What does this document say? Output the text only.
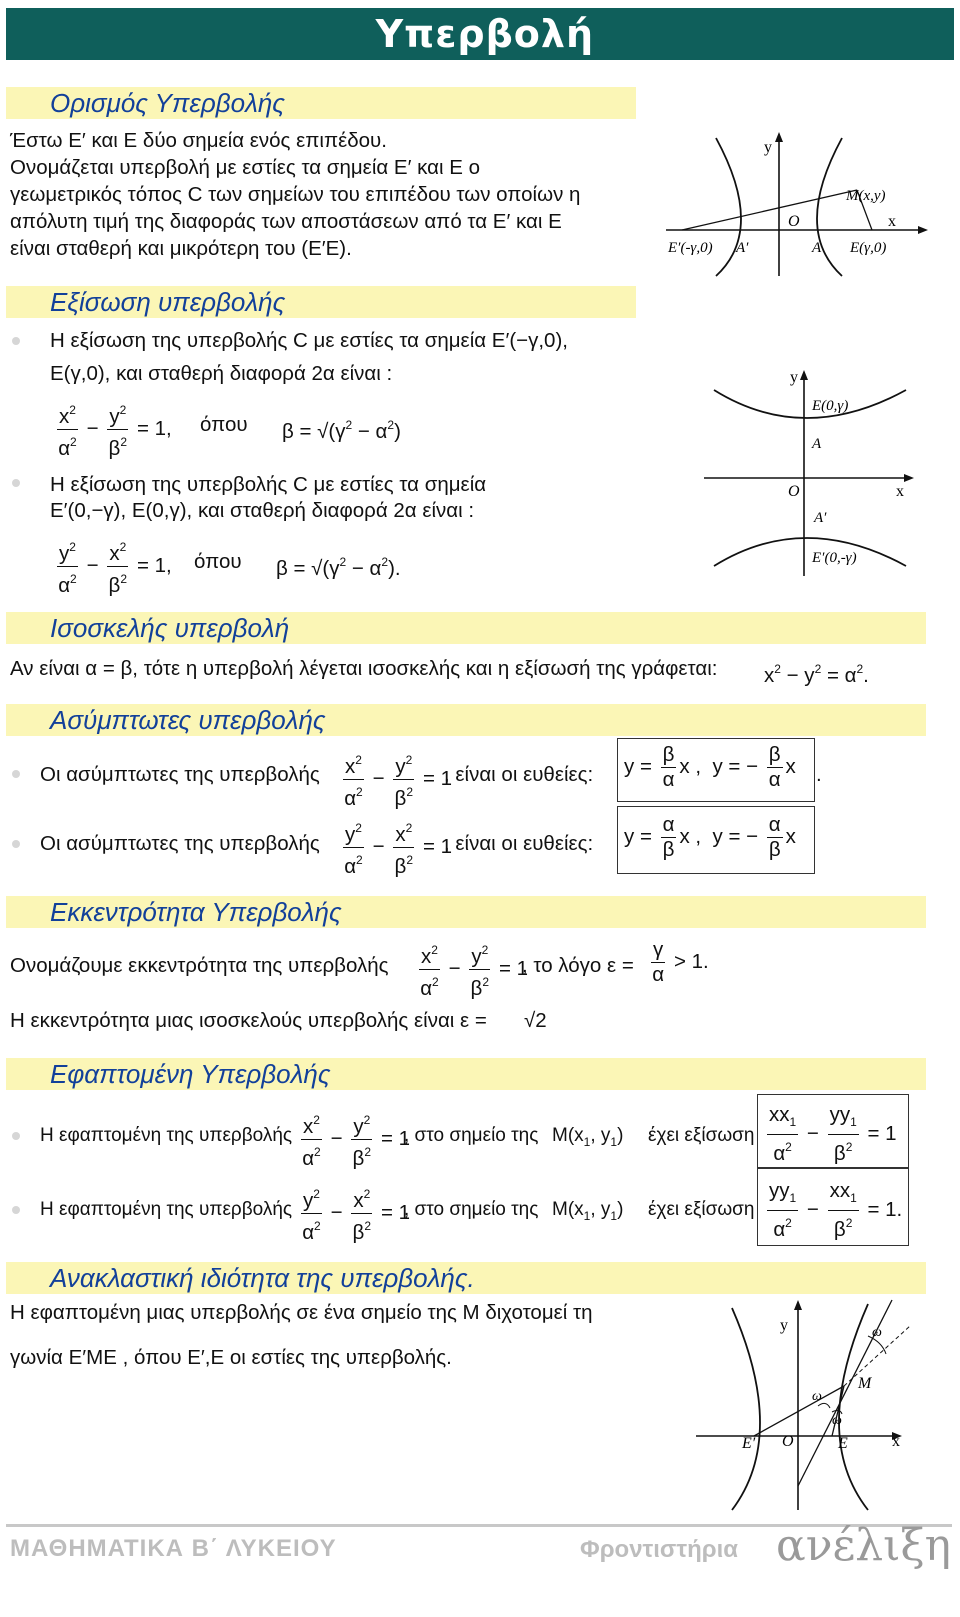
Υπερβολή
Ορισμός Υπερβολής
Έστω Ε′ και Ε δύο σημεία ενός επιπέδου.
Ονομάζεται υπερβολή με εστίες τα σημεία Ε′ και Ε ο
γεωμετρικός τόπος C των σημείων του επιπέδου των οποίων η
απόλυτη τιμή της διαφοράς των αποστάσεων από τα Ε′ και Ε
είναι σταθερή και μικρότερη του (Ε′Ε).
y
x
O
A
A′
M(x,y)
E′(-γ,0)	E(γ,0)
Εξίσωση υπερβολής
Η εξίσωση της υπερβολής C με εστίες τα σημεία Ε′(−γ,0),
Ε(γ,0), και σταθερή διαφορά 2α είναι :
$\frac{x^2}{\alpha^2} - \frac{y^2}{\beta^2} = 1$, όπου $\beta = √(\gamma^2 - \alpha^2)$
Η εξίσωση της υπερβολής C με εστίες τα σημεία
Ε′(0,−γ), Ε(0,γ), και σταθερή διαφορά 2α είναι :
$\frac{y^2}{\alpha^2} - \frac{x^2}{\beta^2} = 1$, όπου $\beta = √(\gamma^2 - \alpha^2)$.
y
x
O
A
A′
E(0,γ)
E′(0,-γ)
Ισοσκελής υπερβολή
Αν είναι α = β, τότε η υπερβολή λέγεται ισοσκελής και η εξίσωσή της γράφεται: $x^2 - y^2 = \alpha^2$.
Ασύμπτωτες υπερβολής
Οι ασύμπτωτες της υπερβολής $\frac{x^2}{\alpha^2} - \frac{y^2}{\beta^2} = 1$
, είναι οι ευθείες: $y = \frac{\beta}{\alpha}$ x ,  y = − $\frac{\beta}{\alpha}$ x .
Οι ασύμπτωτες της υπερβολής $\frac{y^2}{\alpha^2} - \frac{x^2}{\beta^2} = 1$
, είναι οι ευθείες: $y = \frac{\alpha}{\beta}$ x ,  y = − $\frac{\alpha}{\beta}$ x
Εκκεντρότητα Υπερβολής
Ονομάζουμε εκκεντρότητα της υπερβολής $\frac{x^2}{\alpha^2} - \frac{y^2}{\beta^2} = 1$
, το λόγο $\varepsilon = \frac{\gamma}{\alpha} > 1$.
Η εκκεντρότητα μιας ισοσκελούς υπερβολής είναι ε = √2
Εφαπτομένη Υπερβολής
Η εφαπτομένη της υπερβολής $\frac{x^2}{\alpha^2} - \frac{y^2}{\beta^2} = 1$
, στο σημείο της $M(x_1$, $y_1$) έχει εξίσωση $\frac{xx_1}{\alpha^2} - \frac{yy_1}{\beta^2} = 1$
Η εφαπτομένη της υπερβολής $\frac{y^2}{\alpha^2} - \frac{x^2}{\beta^2} = 1$
, στο σημείο της $M(x_1$, $y_1$) έχει εξίσωση $\frac{yy_1}{\alpha^2} - \frac{xx_1}{\beta^2} = 1$.
Ανακλαστική ιδιότητα της υπερβολής.
Η εφαπτομένη μιας υπερβολής σε ένα σημείο της Μ διχοτομεί τη
γωνία Ε′ΜΕ , όπου Ε′,Ε οι εστίες της υπερβολής.
y
x
O
M
E
E′
ω
ω
ω
ΜΑΘΗΜΑΤΙΚΑ Β΄ ΛΥΚΕΙΟΥ	Φροντιστήρια ανέλιξη
